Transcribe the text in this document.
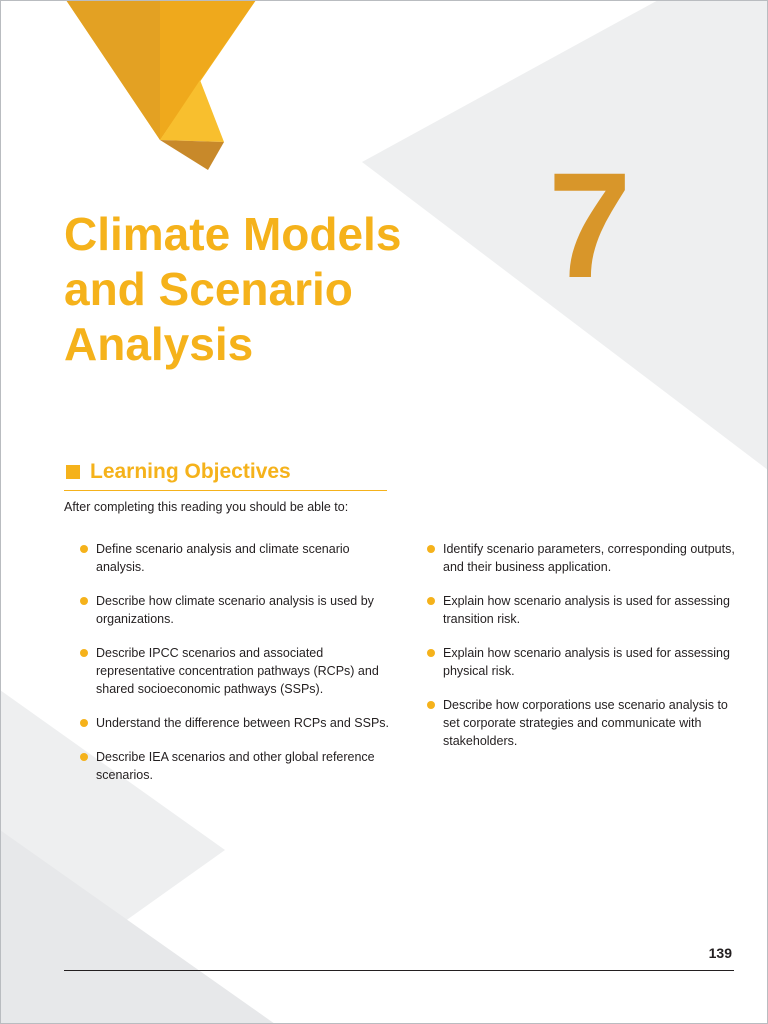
7
Climate Models
and Scenario
Analysis
Learning Objectives
After completing this reading you should be able to:
Define scenario analysis and climate scenario analysis.
Describe how climate scenario analysis is used by organizations.
Describe IPCC scenarios and associated representative concentration pathways (RCPs) and shared socioeconomic pathways (SSPs).
Understand the difference between RCPs and SSPs.
Describe IEA scenarios and other global reference scenarios.
Identify scenario parameters, corresponding outputs, and their business application.
Explain how scenario analysis is used for assessing transition risk.
Explain how scenario analysis is used for assessing physical risk.
Describe how corporations use scenario analysis to set corporate strategies and communicate with stakeholders.
139
